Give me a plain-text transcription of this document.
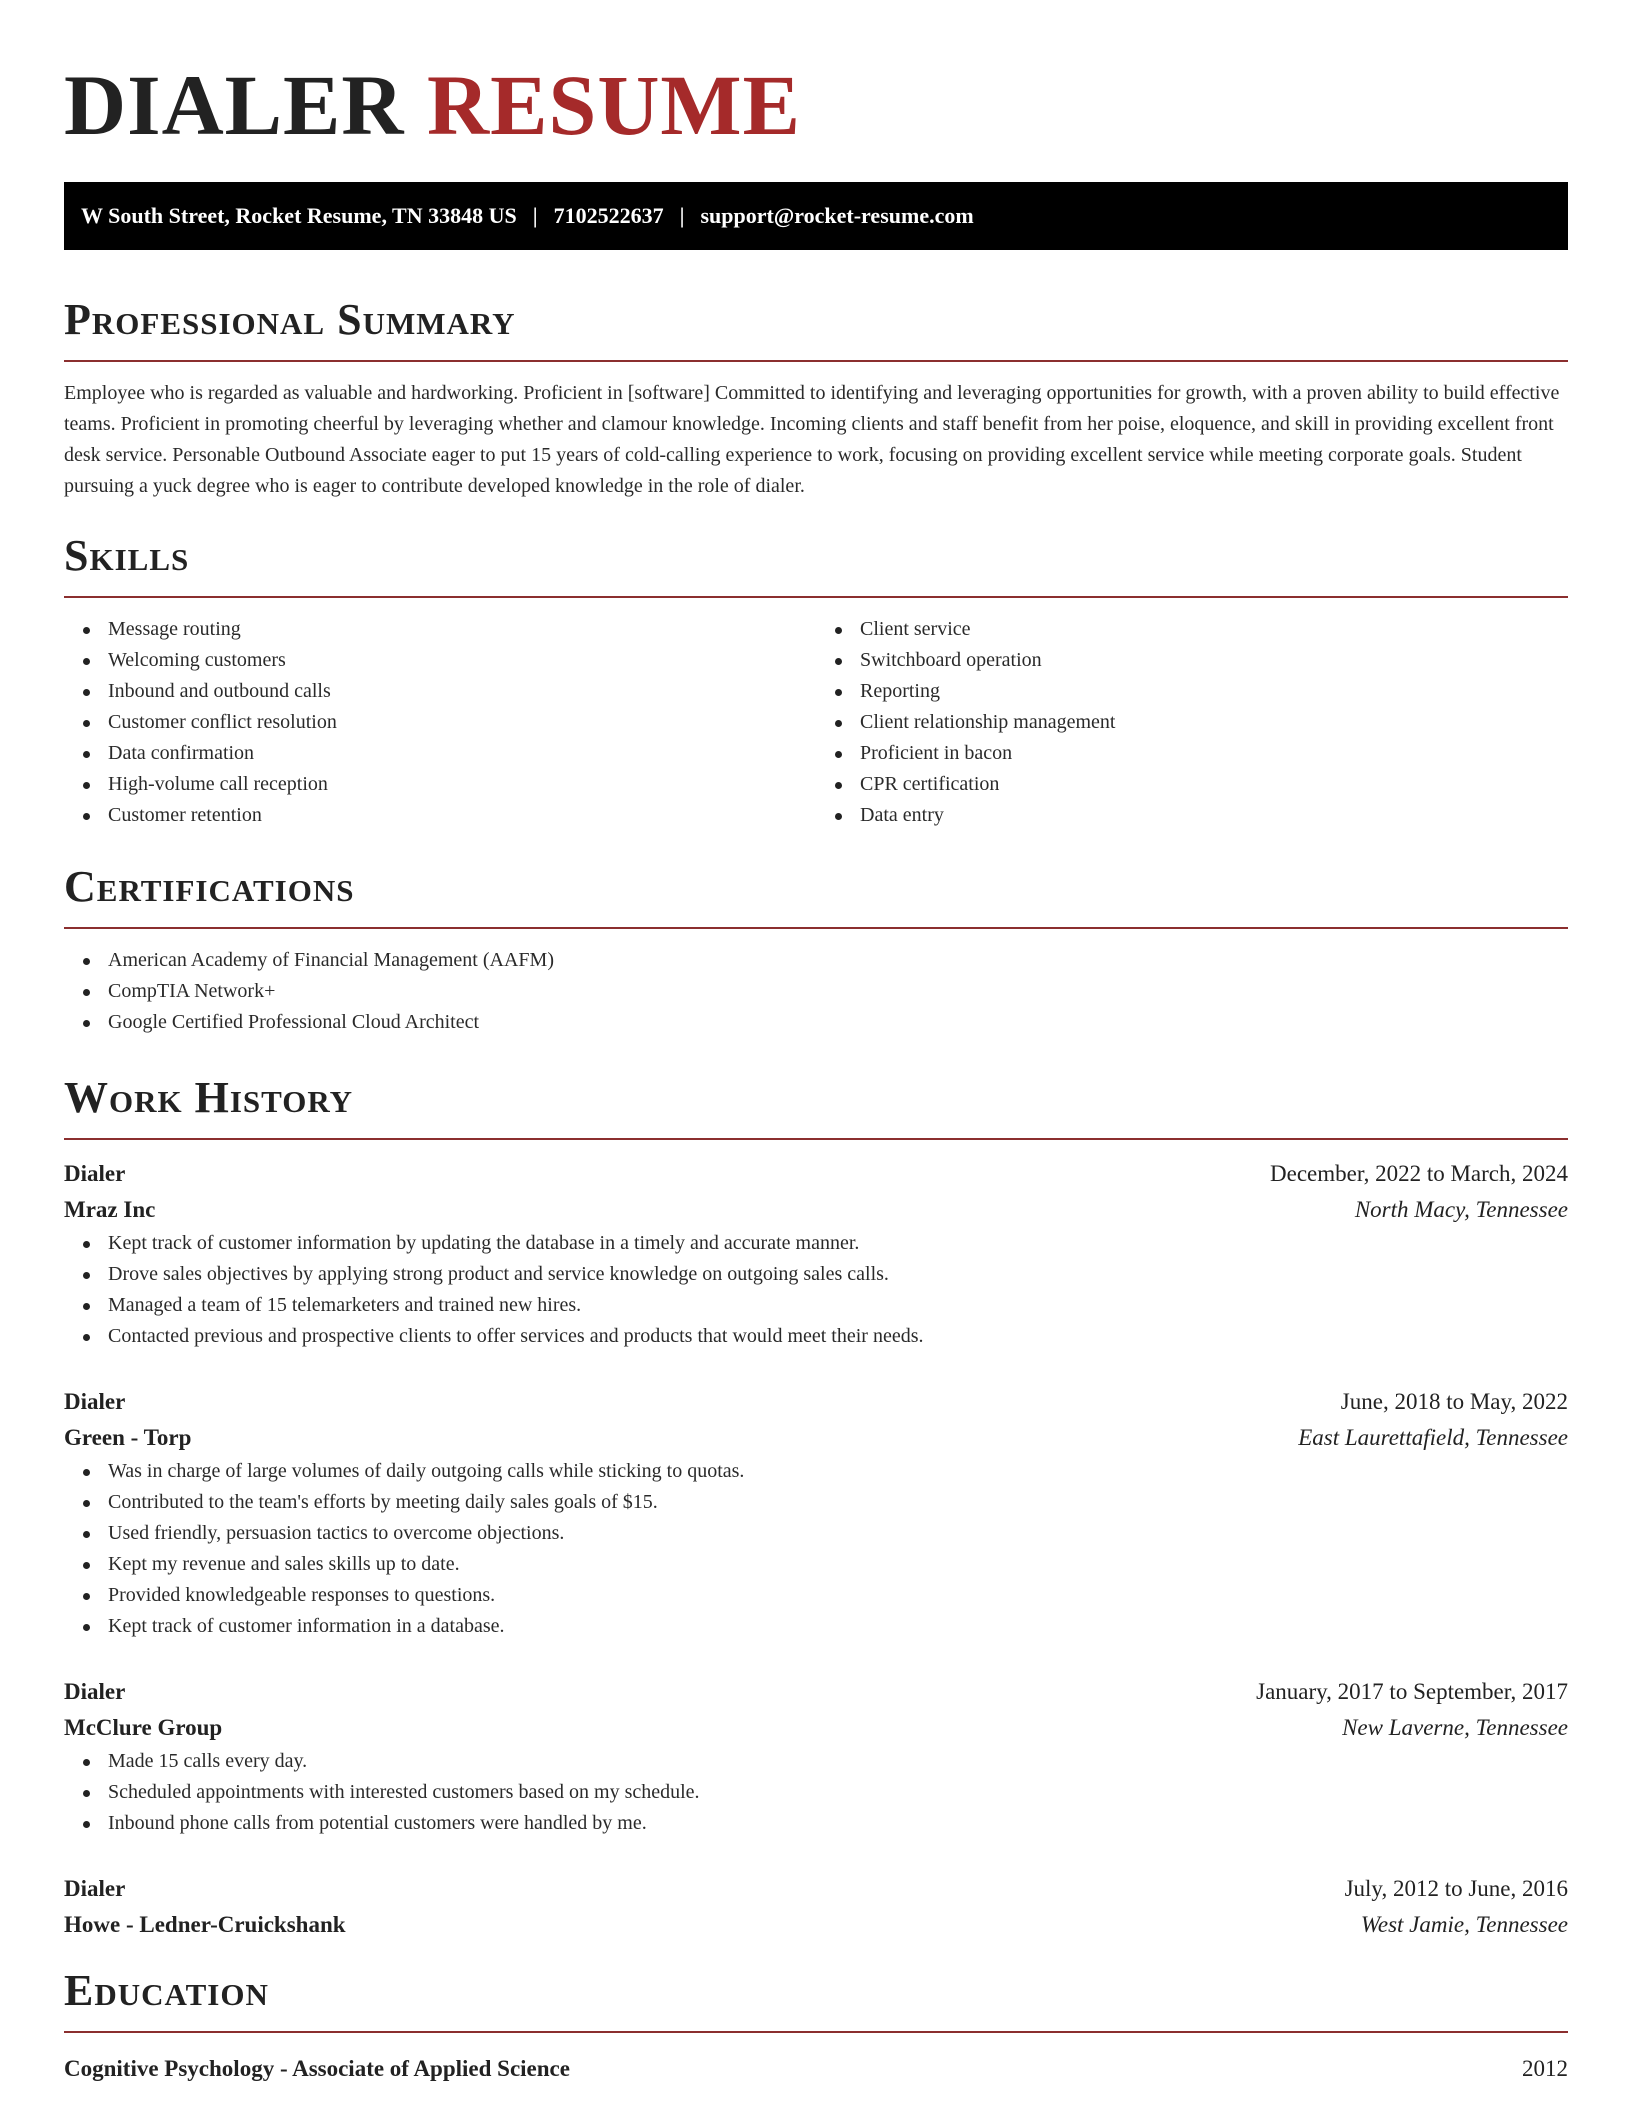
DIALER RESUME
W South Street, Rocket Resume, TN 33848 US | 7102522637 | support@rocket-resume.com
Professional Summary

Employee who is regarded as valuable and hardworking. Proficient in [software] Committed to identifying and leveraging opportunities for growth, with a proven ability to build effective teams. Proficient in promoting cheerful by leveraging whether and clamour knowledge. Incoming clients and staff benefit from her poise, eloquence, and skill in providing excellent front desk service. Personable Outbound Associate eager to put 15 years of cold-calling experience to work, focusing on providing excellent service while meeting corporate goals. Student pursuing a yuck degree who is eager to contribute developed knowledge in the role of dialer.

Skills
Message routing
Welcoming customers
Inbound and outbound calls
Customer conflict resolution
Data confirmation
High-volume call reception
Customer retention
Client service
Switchboard operation
Reporting
Client relationship management
Proficient in bacon
CPR certification
Data entry
Certifications
American Academy of Financial Management (AAFM)
CompTIA Network+
Google Certified Professional Cloud Architect
Work History
Dialer	December, 2022 to March, 2024
Mraz Inc	North Macy, Tennessee
Kept track of customer information by updating the database in a timely and accurate manner.
Drove sales objectives by applying strong product and service knowledge on outgoing sales calls.
Managed a team of 15 telemarketers and trained new hires.
Contacted previous and prospective clients to offer services and products that would meet their needs.
Dialer	June, 2018 to May, 2022
Green - Torp	East Laurettafield, Tennessee
Was in charge of large volumes of daily outgoing calls while sticking to quotas.
Contributed to the team's efforts by meeting daily sales goals of $15.
Used friendly, persuasion tactics to overcome objections.
Kept my revenue and sales skills up to date.
Provided knowledgeable responses to questions.
Kept track of customer information in a database.
Dialer	January, 2017 to September, 2017
McClure Group	New Laverne, Tennessee
Made 15 calls every day.
Scheduled appointments with interested customers based on my schedule.
Inbound phone calls from potential customers were handled by me.
Dialer	July, 2012 to June, 2016
Howe - Ledner-Cruickshank	West Jamie, Tennessee
Education
Cognitive Psychology - Associate of Applied Science	2012
